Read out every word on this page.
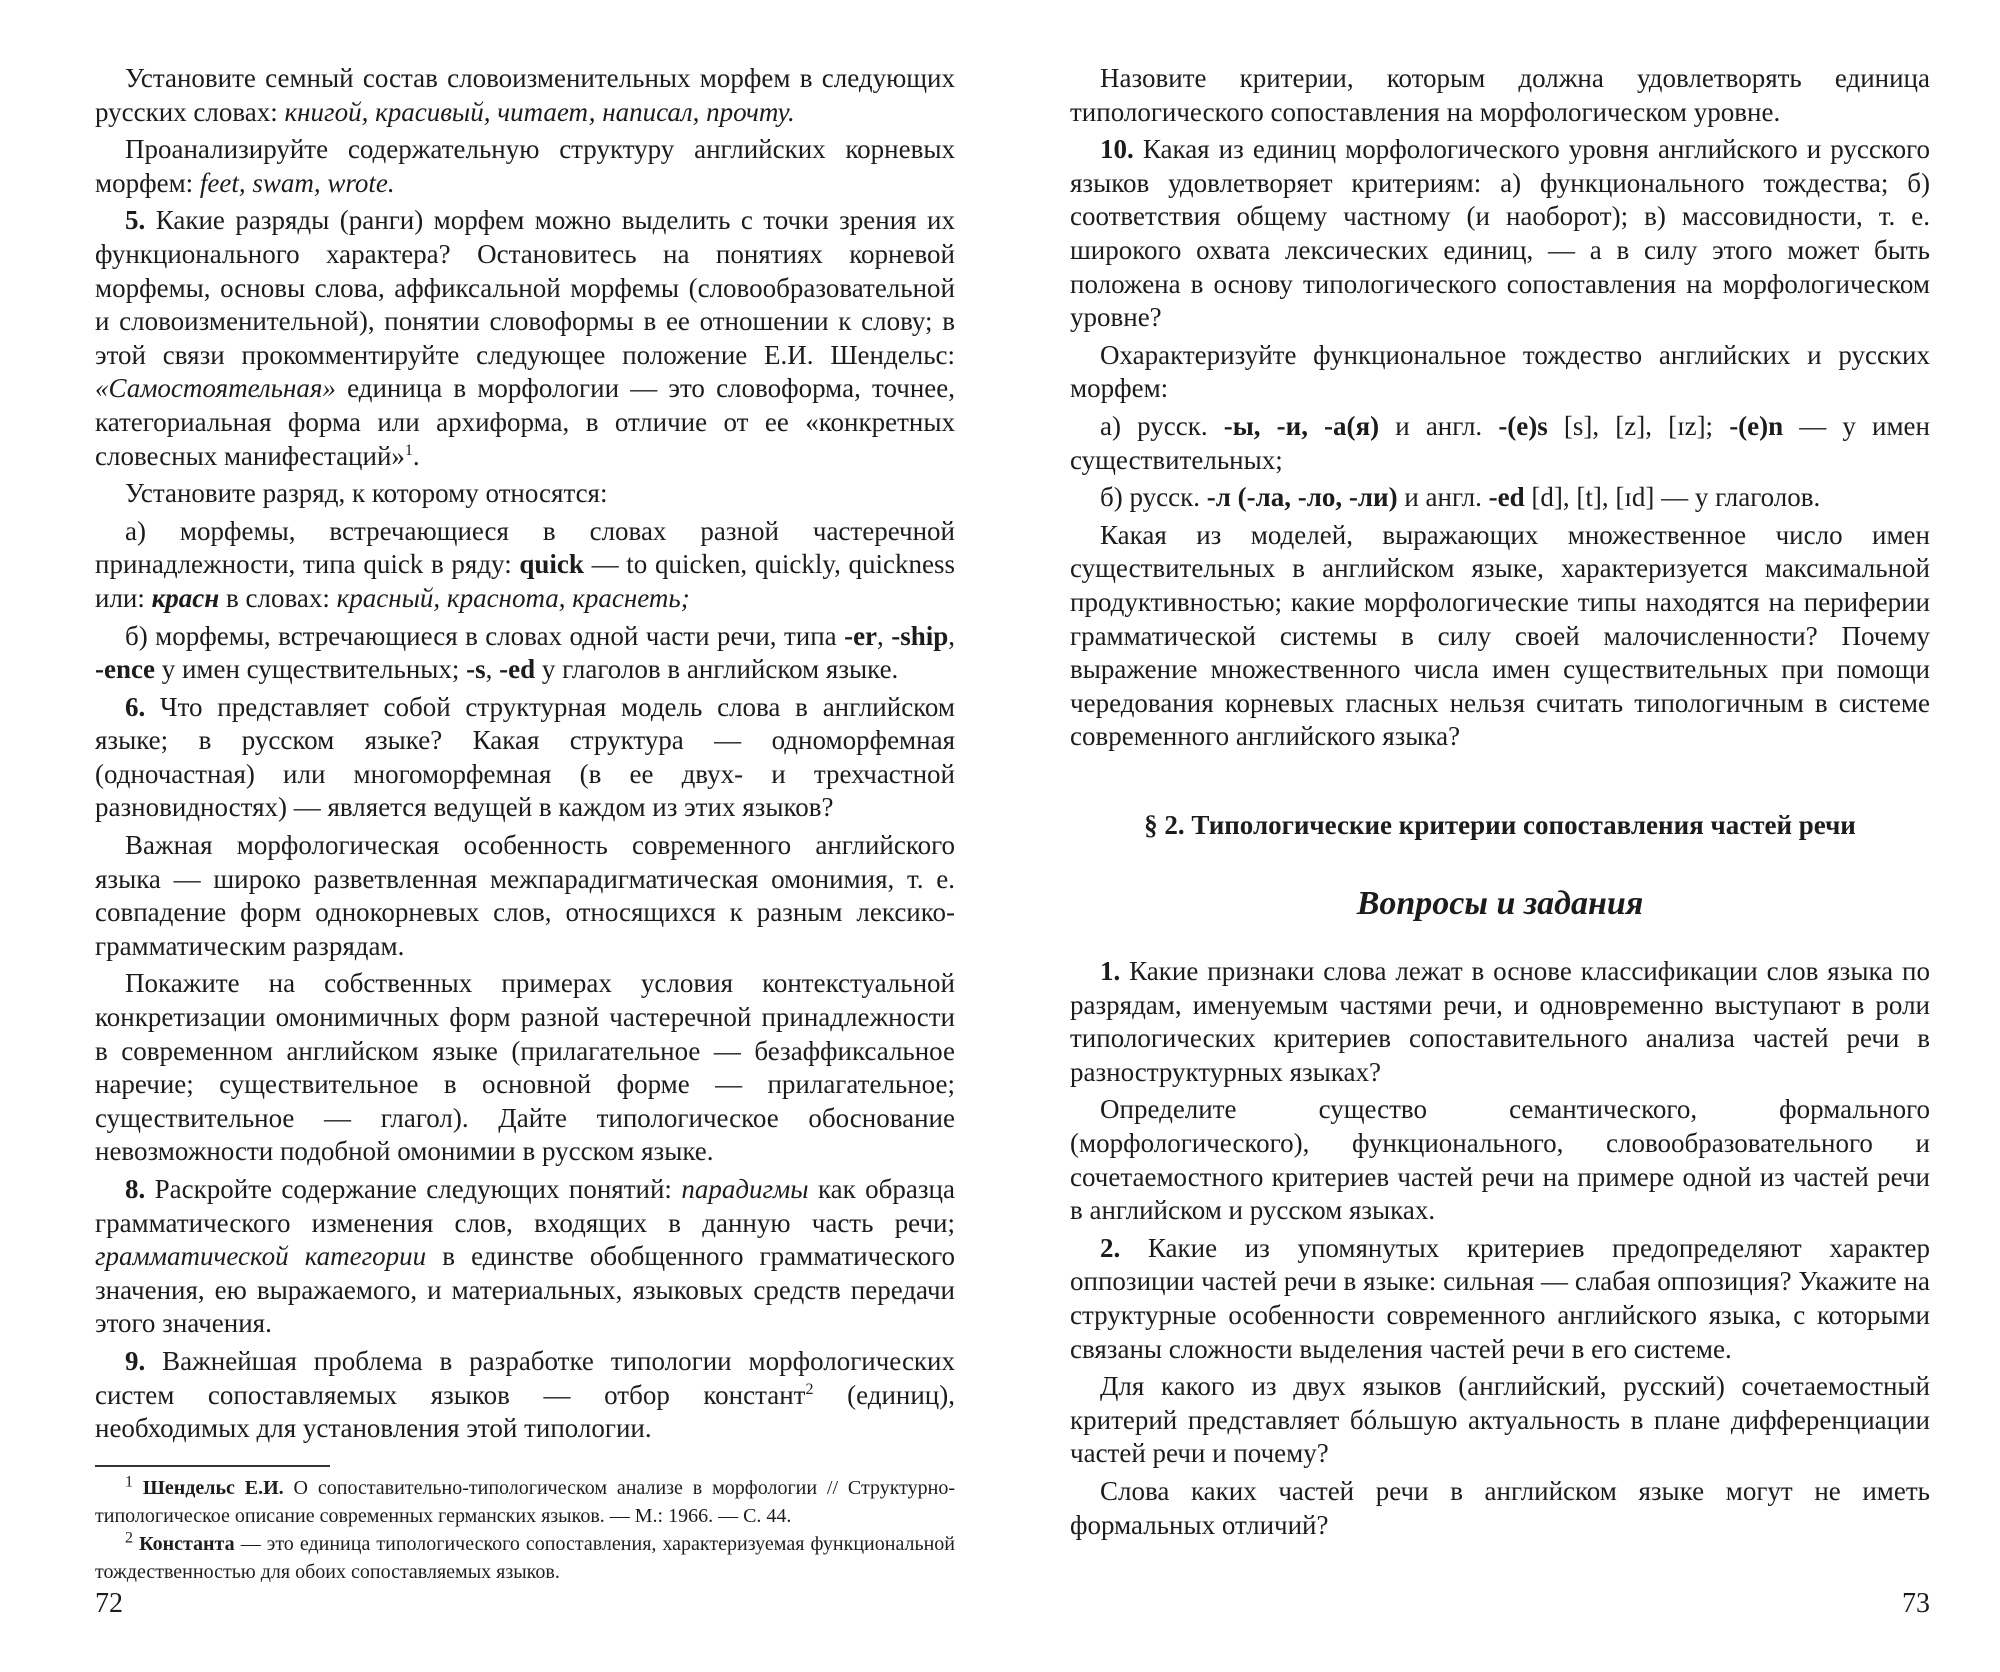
Установите семный состав словоизменительных морфем в следующих русских словах: книгой, красивый, читает, написал, прочту.

Проанализируйте содержательную структуру английских корневых морфем: feet, swam, wrote.

5. Какие разряды (ранги) морфем можно выделить с точки зрения их функционального характера? Остановитесь на понятиях корневой морфемы, основы слова, аффиксальной морфемы (словообразовательной и словоизменительной), понятии словоформы в ее отношении к слову; в этой связи прокомментируйте следующее положение Е.И. Шендельс: «Самостоятельная» единица в морфологии — это словоформа, точнее, категориальная форма или архиформа, в отличие от ее «конкретных словесных манифестаций»$^1$.

Установите разряд, к которому относятся:

а) морфемы, встречающиеся в словах разной частеречной принадлежности, типа quick в ряду: quick — to quicken, quickly, quickness или: красн в словах: красный, краснота, краснеть;

б) морфемы, встречающиеся в словах одной части речи, типа -er, -ship, -ence у имен существительных; -s, -ed у глаголов в английском языке.

6. Что представляет собой структурная модель слова в английском языке; в русском языке? Какая структура — одноморфемная (одночастная) или многоморфемная (в ее двух- и трехчастной разновидностях) — является ведущей в каждом из этих языков?

Важная морфологическая особенность современного английского языка — широко разветвленная межпарадигматическая омонимия, т. е. совпадение форм однокорневых слов, относящихся к разным лексико-грамматическим разрядам.

Покажите на собственных примерах условия контекстуальной конкретизации омонимичных форм разной частеречной принадлежности в современном английском языке (прилагательное — безаффиксальное наречие; существительное в основной форме — прилагательное; существительное — глагол). Дайте типологическое обоснование невозможности подобной омонимии в русском языке.

8. Раскройте содержание следующих понятий: парадигмы как образца грамматического изменения слов, входящих в данную часть речи; грамматической категории в единстве обобщенного грамматического значения, ею выражаемого, и материальных, языковых средств передачи этого значения.

9. Важнейшая проблема в разработке типологии морфологических систем сопоставляемых языков — отбор констант$^2$ (единиц), необходимых для установления этой типологии.

$^1$ Шендельс Е.И. О сопоставительно-типологическом анализе в морфологии // Структурно-типологическое описание современных германских языков. — М.: 1966. — С. 44.

$^2$ Константа — это единица типологического сопоставления, характеризуемая функциональной тождественностью для обоих сопоставляемых языков.

72

Назовите критерии, которым должна удовлетворять единица типологического сопоставления на морфологическом уровне.

10. Какая из единиц морфологического уровня английского и русского языков удовлетворяет критериям: а) функционального тождества; б) соответствия общему частному (и наоборот); в) массовидности, т. е. широкого охвата лексических единиц, — а в силу этого может быть положена в основу типологического сопоставления на морфологическом уровне?

Охарактеризуйте функциональное тождество английских и русских морфем:

а) русск. -ы, -и, -а(я) и англ. -(e)s [s], [z], [ɪz]; -(e)n — у имен существительных;

б) русск. -л (-ла, -ло, -ли) и англ. -ed [d], [t], [ɪd] — у глаголов.

Какая из моделей, выражающих множественное число имен существительных в английском языке, характеризуется максимальной продуктивностью; какие морфологические типы находятся на периферии грамматической системы в силу своей малочисленности? Почему выражение множественного числа имен существительных при помощи чередования корневых гласных нельзя считать типологичным в системе современного английского языка?

§ 2. Типологические критерии сопоставления частей речи
Вопросы и задания

1. Какие признаки слова лежат в основе классификации слов языка по разрядам, именуемым частями речи, и одновременно выступают в роли типологических критериев сопоставительного анализа частей речи в разноструктурных языках?

Определите существо семантического, формального (морфологического), функционального, словообразовательного и сочетаемостного критериев частей речи на примере одной из частей речи в английском и русском языках.

2. Какие из упомянутых критериев предопределяют характер оппозиции частей речи в языке: сильная — слабая оппозиция? Укажите на структурные особенности современного английского языка, с которыми связаны сложности выделения частей речи в его системе.

Для какого из двух языков (английский, русский) сочетаемостный критерий представляет бóльшую актуальность в плане дифференциации частей речи и почему?

Слова каких частей речи в английском языке могут не иметь формальных отличий?

73
